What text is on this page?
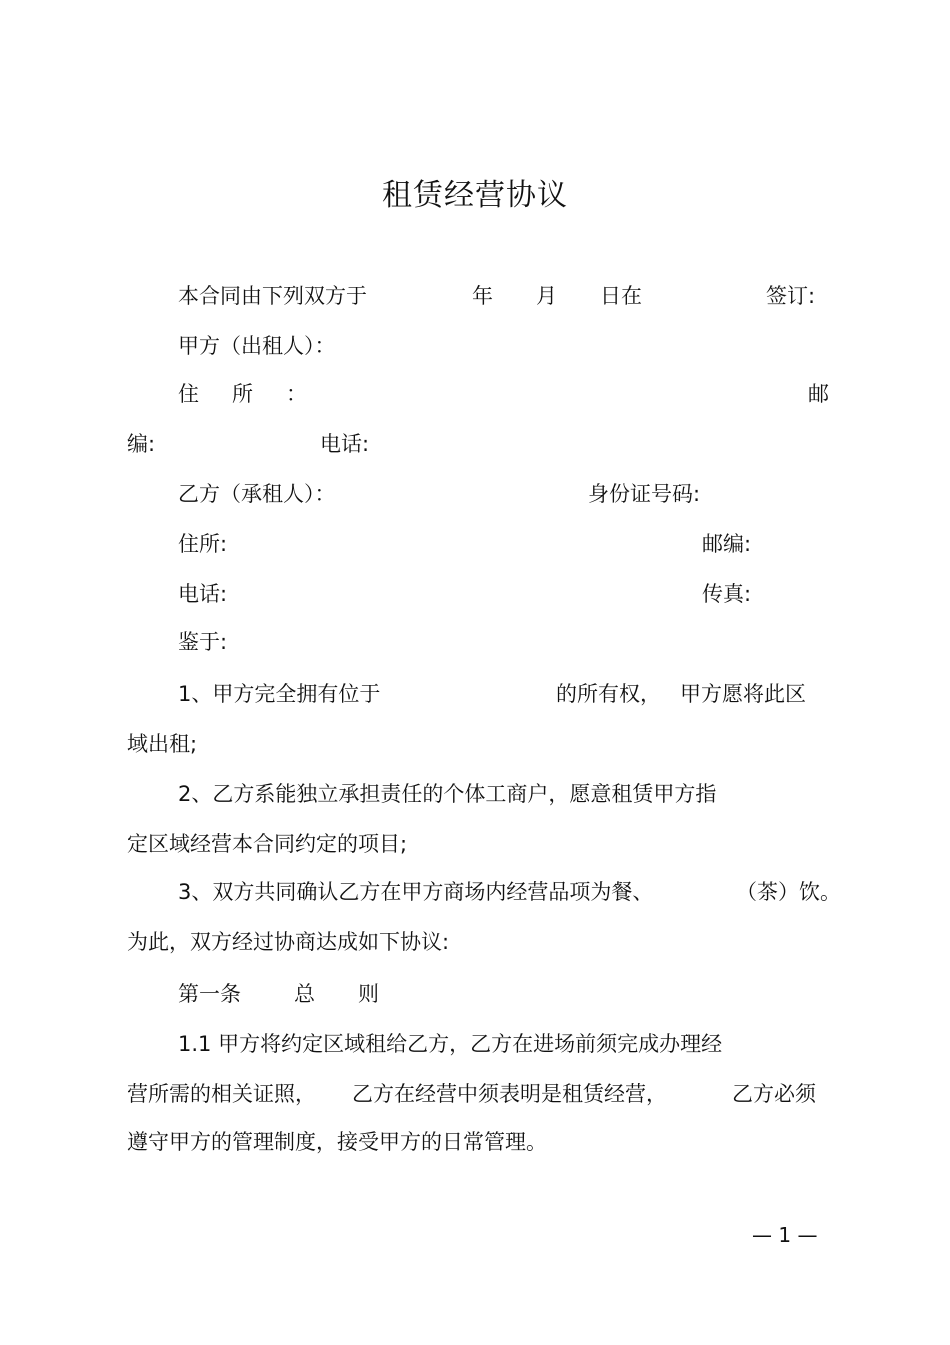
租赁经营协议
本合同由下列双方于	年 月 日在	签订:
甲方（出租人）：
住　所　：	邮
编:	电话:
乙方（承租人）：	身份证号码:
住所:	邮编:
电话:	传真:
鉴于:
1、甲方完全拥有位于	的所有权， 甲方愿将此区
域出租;
2、乙方系能独立承担责任的个体工商户，愿意租赁甲方指
定区域经营本合同约定的项目;
3、双方共同确认乙方在甲方商场内经营品项为餐、	（茶）饮。
为此，双方经过协商达成如下协议:
第一条	总 则
1.1 甲方将约定区域租给乙方，乙方在进场前须完成办理经
营所需的相关证照， 乙方在经营中须表明是租赁经营，	乙方必须
遵守甲方的管理制度，接受甲方的日常管理。
— 1 —
